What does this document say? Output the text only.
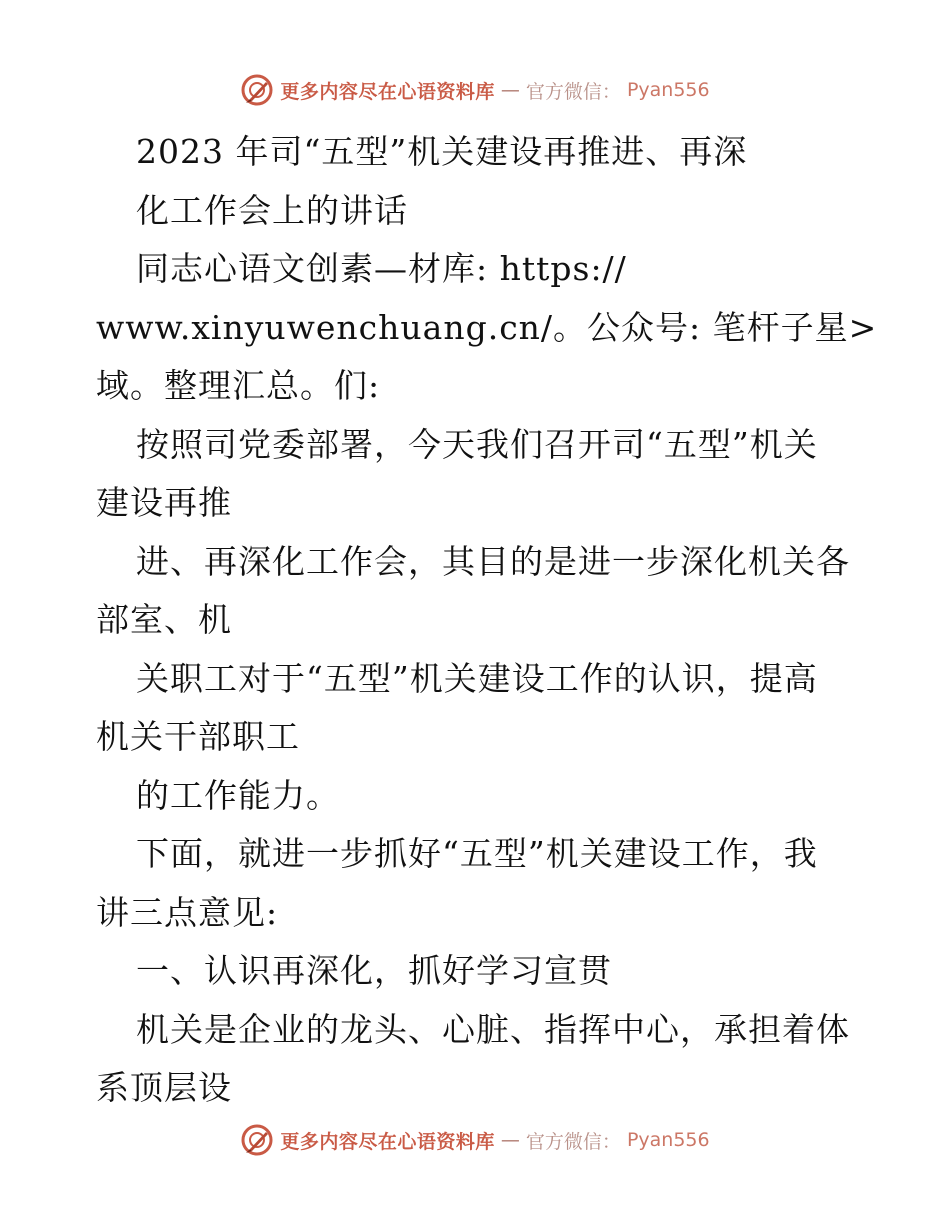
更多内容尽在心语资料库 — 官方微信： Pyan556
2023 年司“五型”机关建设再推进、再深
化工作会上的讲话
同志心语文创素—材库: https://
www.xinyuwenchuang.cn/。公众号: 笔杆子星>
域。整理汇总。们:
按照司党委部署，今天我们召开司“五型”机关
建设再推
进、再深化工作会，其目的是进一步深化机关各
部室、机
关职工对于“五型”机关建设工作的认识，提高
机关干部职工
的工作能力。
下面，就进一步抓好“五型”机关建设工作，我
讲三点意见:
一、认识再深化，抓好学习宣贯
机关是企业的龙头、心脏、指挥中心，承担着体
系顶层设
更多内容尽在心语资料库 — 官方微信： Pyan556
